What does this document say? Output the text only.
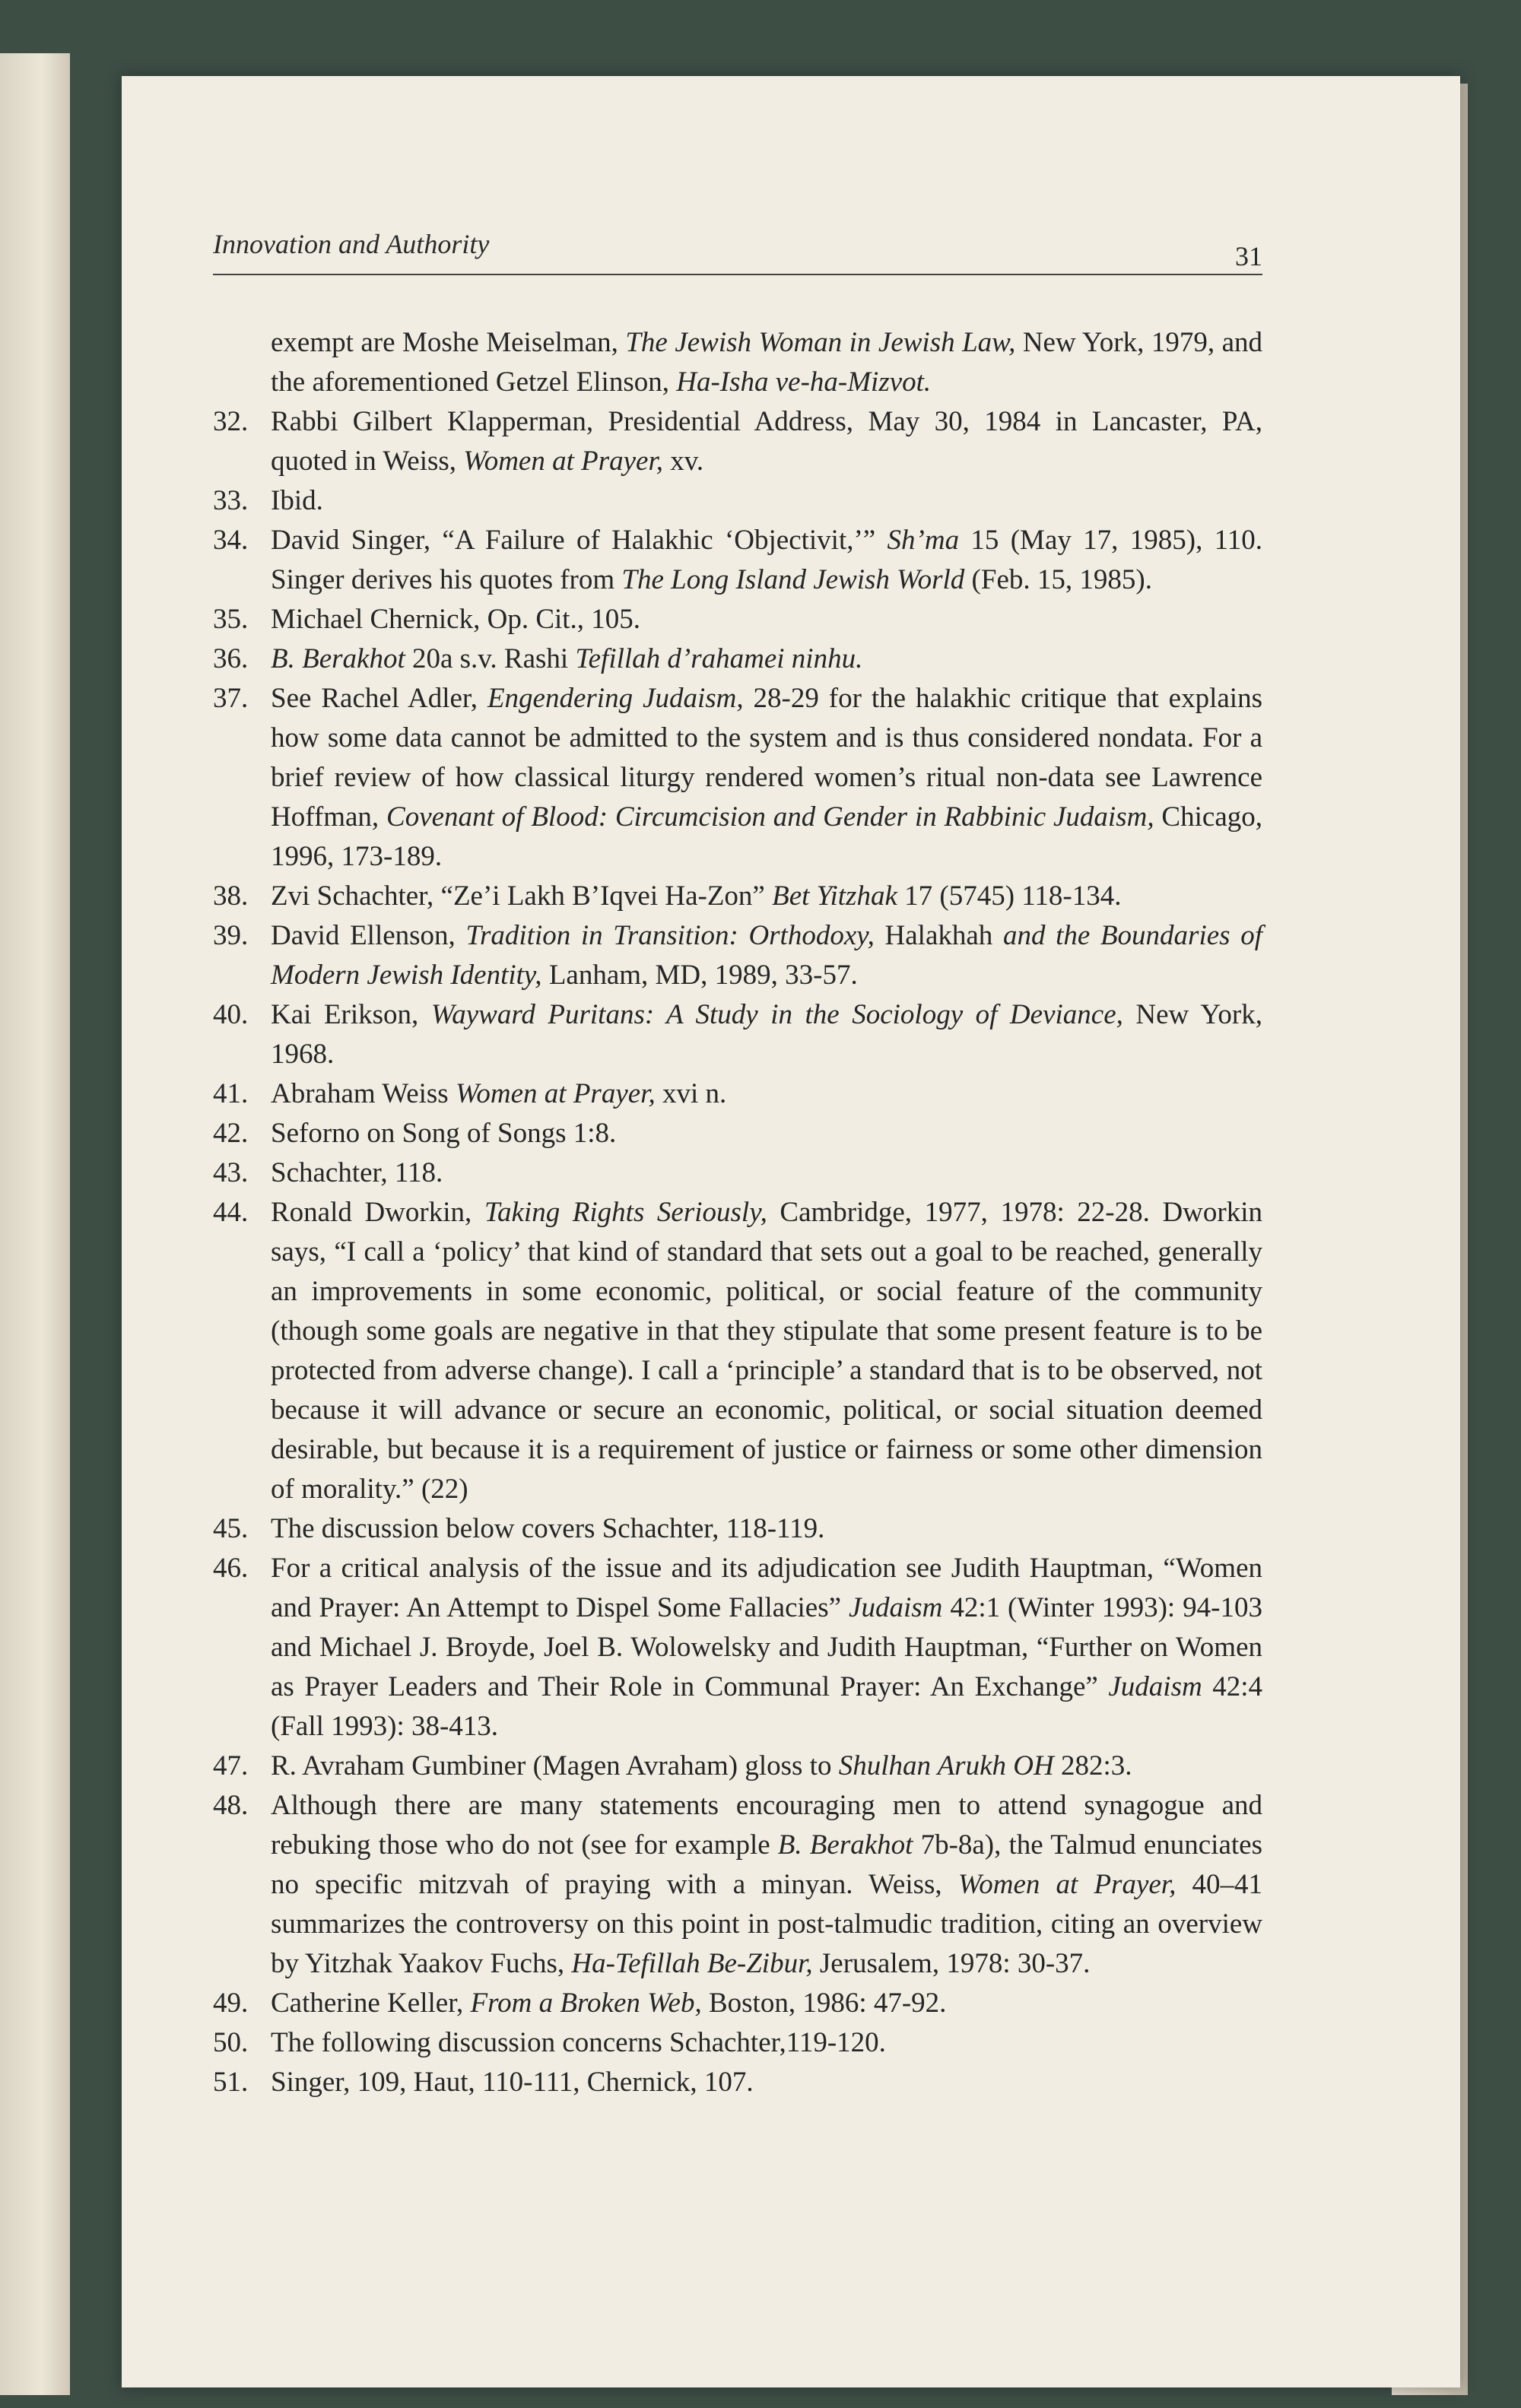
Innovation and Authority	31
exempt are Moshe Meiselman, The Jewish Woman in Jewish Law, New York, 1979, and the aforementioned Getzel Elinson, Ha-Isha ve-ha-Mizvot.
32. Rabbi Gilbert Klapperman, Presidential Address, May 30, 1984 in Lancaster, PA, quoted in Weiss, Women at Prayer, xv.
33. Ibid.
34. David Singer, “A Failure of Halakhic ‘Objectivit,’” Sh’ma 15 (May 17, 1985), 110. Singer derives his quotes from The Long Island Jewish World (Feb. 15, 1985).
35. Michael Chernick, Op. Cit., 105.
36. B. Berakhot 20a s.v. Rashi Tefillah d’rahamei ninhu.
37. See Rachel Adler, Engendering Judaism, 28-29 for the halakhic critique that explains how some data cannot be admitted to the system and is thus considered nondata. For a brief review of how classical liturgy rendered women’s ritual non-data see Lawrence Hoffman, Covenant of Blood: Circumcision and Gender in Rabbinic Judaism, Chicago, 1996, 173-189.
38. Zvi Schachter, “Ze’i Lakh B’Iqvei Ha-Zon” Bet Yitzhak 17 (5745) 118-134.
39. David Ellenson, Tradition in Transition: Orthodoxy, Halakhah and the Boundaries of Modern Jewish Identity, Lanham, MD, 1989, 33-57.
40. Kai Erikson, Wayward Puritans: A Study in the Sociology of Deviance, New York, 1968.
41. Abraham Weiss Women at Prayer, xvi n.
42. Seforno on Song of Songs 1:8.
43. Schachter, 118.
44. Ronald Dworkin, Taking Rights Seriously, Cambridge, 1977, 1978: 22-28. Dworkin says, “I call a ‘policy’ that kind of standard that sets out a goal to be reached, generally an improvements in some economic, political, or social feature of the community (though some goals are negative in that they stipulate that some present feature is to be protected from adverse change). I call a ‘principle’ a standard that is to be observed, not because it will advance or secure an economic, political, or social situation deemed desirable, but because it is a requirement of justice or fairness or some other dimension of morality.” (22)
45. The discussion below covers Schachter, 118-119.
46. For a critical analysis of the issue and its adjudication see Judith Hauptman, “Women and Prayer: An Attempt to Dispel Some Fallacies” Judaism 42:1 (Winter 1993): 94-103 and Michael J. Broyde, Joel B. Wolowelsky and Judith Hauptman, “Further on Women as Prayer Leaders and Their Role in Communal Prayer: An Exchange” Judaism 42:4 (Fall 1993): 38-413.
47. R. Avraham Gumbiner (Magen Avraham) gloss to Shulhan Arukh OH 282:3.
48. Although there are many statements encouraging men to attend synagogue and rebuking those who do not (see for example B. Berakhot 7b-8a), the Talmud enunciates no specific mitzvah of praying with a minyan. Weiss, Women at Prayer, 40–41 summarizes the controversy on this point in post-talmudic tradition, citing an overview by Yitzhak Yaakov Fuchs, Ha-Tefillah Be-Zibur, Jerusalem, 1978: 30-37.
49. Catherine Keller, From a Broken Web, Boston, 1986: 47-92.
50. The following discussion concerns Schachter,119-120.
51. Singer, 109, Haut, 110-111, Chernick, 107.
